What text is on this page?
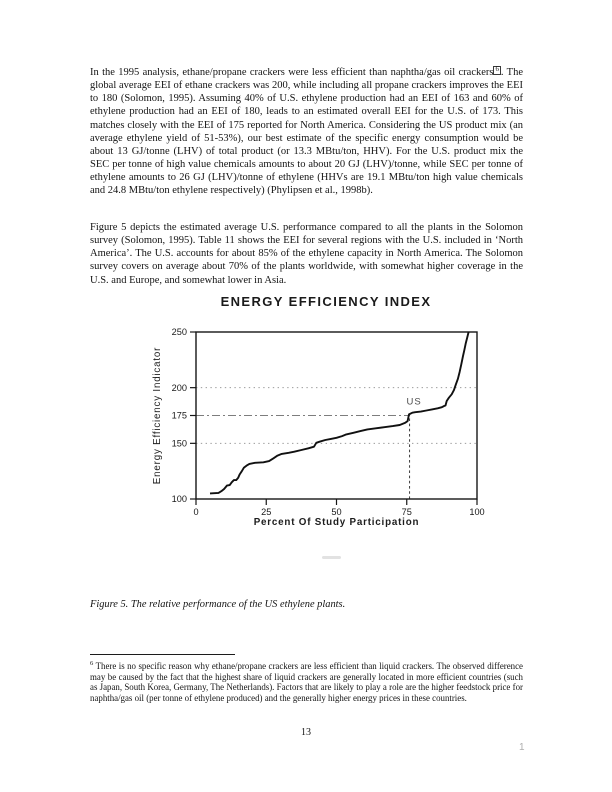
In the 1995 analysis, ethane/propane crackers were less efficient than naphtha/gas oil crackers $^6$ . The global average EEI of ethane crackers was 200, while including all propane crackers improves the EEI to 180 (Solomon, 1995). Assuming 40% of U.S. ethylene production had an EEI of 163 and 60% of ethylene production had an EEI of 180, leads to an estimated overall EEI for the U.S. of 173. This matches closely with the EEI of 175 reported for North America. Considering the US product mix (an average ethylene yield of 51-53%), our best estimate of the specific energy consumption would be about 13 GJ/tonne (LHV) of total product (or 13.3 MBtu/ton, HHV). For the U.S. product mix the SEC per tonne of high value chemicals amounts to about 20 GJ (LHV)/tonne, while SEC per tonne of ethylene amounts to 26 GJ (LHV)/tonne of ethylene (HHVs are 19.1 MBtu/ton high value chemicals and 24.8 MBtu/ton ethylene respectively) (Phylipsen et al., 1998b).

Figure 5 depicts the estimated average U.S. performance compared to all the plants in the Solomon survey (Solomon, 1995). Table 11 shows the EEI for several regions with the U.S. included in ‘North America’. The U.S. accounts for about 85% of the ethylene capacity in North America. The Solomon survey covers on average about 70% of the plants worldwide, with somewhat higher coverage in the U.S. and Europe, and somewhat lower in Asia.

ENERGY EFFICIENCY INDEX

100
150
175
200
250
0	25	50	75	100
US
Percent Of Study Participation
Energy Efficiency Indicator

Figure 5. The relative performance of the US ethylene plants.

$^6$ There is no specific reason why ethane/propane crackers are less efficient than liquid crackers. The observed difference may be caused by the fact that the highest share of liquid crackers are generally located in more efficient countries (such as Japan, South Korea, Germany, The Netherlands). Factors that are likely to play a role are the higher feedstock price for naphtha/gas oil (per tonne of ethylene produced) and the generally higher energy prices in these countries.

13
1
